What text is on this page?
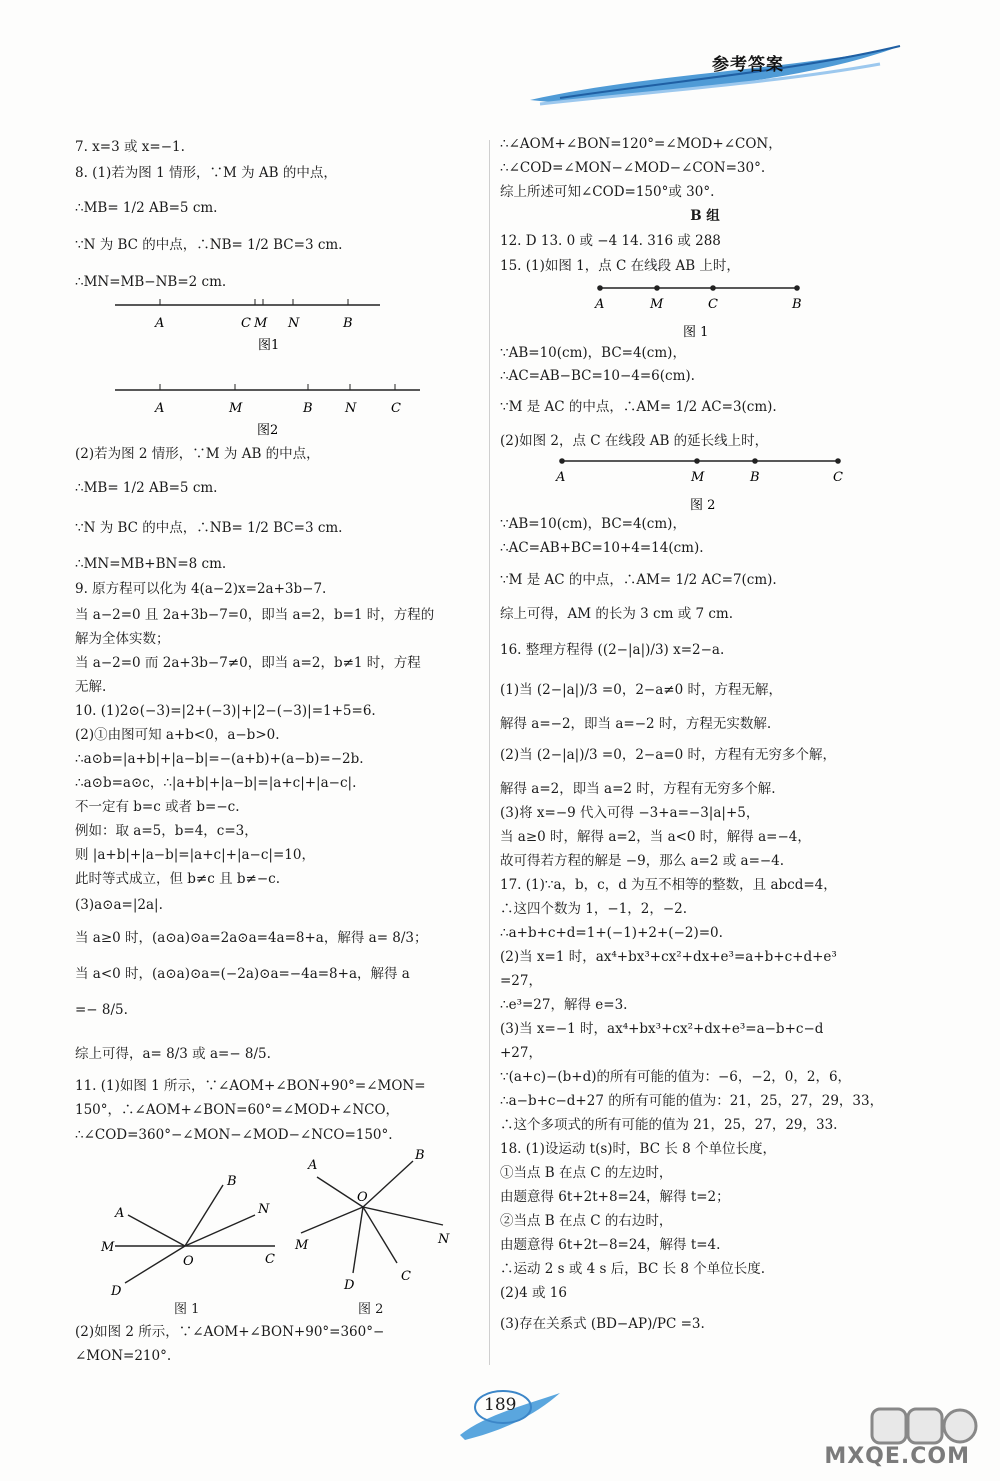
参考答案
7. x=3 或 x=−1.
8. (1)若为图 1 情形，∵M 为 AB 的中点，
∴MB= 1/2 AB=5 cm.
∵N 为 BC 的中点，∴NB= 1/2 BC=3 cm.
∴MN=MB−NB=2 cm.
A	C M N	B
图1
A	M	B N	C
图2
(2)若为图 2 情形，∵M 为 AB 的中点，
∴MB= 1/2 AB=5 cm.
∵N 为 BC 的中点，∴NB= 1/2 BC=3 cm.
∴MN=MB+BN=8 cm.
9. 原方程可以化为 4(a−2)x=2a+3b−7.
当 a−2=0 且 2a+3b−7=0，即当 a=2，b=1 时，方程的
解为全体实数；
当 a−2=0 而 2a+3b−7≠0，即当 a=2，b≠1 时，方程
无解.
10. (1)2⊙(−3)=|2+(−3)|+|2−(−3)|=1+5=6.
(2)①由图可知 a+b<0，a−b>0.
∴a⊙b=|a+b|+|a−b|=−(a+b)+(a−b)=−2b.
∴a⊙b=a⊙c，∴|a+b|+|a−b|=|a+c|+|a−c|.
不一定有 b=c 或者 b=−c.
例如：取 a=5，b=4，c=3，
则 |a+b|+|a−b|=|a+c|+|a−c|=10，
此时等式成立，但 b≠c 且 b≠−c.
(3)a⊙a=|2a|.
当 a≥0 时，(a⊙a)⊙a=2a⊙a=4a=8+a，解得 a= 8/3；
当 a<0 时，(a⊙a)⊙a=(−2a)⊙a=−4a=8+a，解得 a
=− 8/5.
综上可得，a= 8/3 或 a=− 8/5.
11. (1)如图 1 所示，∵∠AOM+∠BON+90°=∠MON=
150°，∴∠AOM+∠BON=60°=∠MOD+∠NCO，
∴∠COD=360°−∠MON−∠MOD−∠NCO=150°.
A
B
N
M
O	C
D
图 1
A
B
O
M	N
D
C
图 2
(2)如图 2 所示，∵∠AOM+∠BON+90°=360°−
∠MON=210°.
∴∠AOM+∠BON=120°=∠MOD+∠CON，
∴∠COD=∠MON−∠MOD−∠CON=30°.
综上所述可知∠COD=150°或 30°.
B 组
12. D 13. 0 或 −4 14. 316 或 288
15. (1)如图 1，点 C 在线段 AB 上时，
A	M	C	B
图 1
∵AB=10(cm)，BC=4(cm)，
∴AC=AB−BC=10−4=6(cm).
∵M 是 AC 的中点，∴AM= 1/2 AC=3(cm).
(2)如图 2，点 C 在线段 AB 的延长线上时，
A	M	B	C
图 2
∵AB=10(cm)，BC=4(cm)，
∴AC=AB+BC=10+4=14(cm).
∵M 是 AC 的中点，∴AM= 1/2 AC=7(cm).
综上可得，AM 的长为 3 cm 或 7 cm.
16. 整理方程得 ((2−|a|)/3) x=2−a.
(1)当 (2−|a|)/3 =0，2−a≠0 时，方程无解，
解得 a=−2，即当 a=−2 时，方程无实数解.
(2)当 (2−|a|)/3 =0，2−a=0 时，方程有无穷多个解，
解得 a=2，即当 a=2 时，方程有无穷多个解.
(3)将 x=−9 代入可得 −3+a=−3|a|+5，
当 a≥0 时，解得 a=2，当 a<0 时，解得 a=−4，
故可得若方程的解是 −9，那么 a=2 或 a=−4.
17. (1)∵a，b，c，d 为互不相等的整数，且 abcd=4，
∴这四个数为 1，−1，2，−2.
∴a+b+c+d=1+(−1)+2+(−2)=0.
(2)当 x=1 时，ax⁴+bx³+cx²+dx+e³=a+b+c+d+e³
=27，
∴e³=27，解得 e=3.
(3)当 x=−1 时，ax⁴+bx³+cx²+dx+e³=a−b+c−d
+27，
∵(a+c)−(b+d)的所有可能的值为：−6，−2，0，2，6，
∴a−b+c−d+27 的所有可能的值为：21，25，27，29，33，
∴这个多项式的所有可能的值为 21，25，27，29，33.
18. (1)设运动 t(s)时，BC 长 8 个单位长度，
①当点 B 在点 C 的左边时，
由题意得 6t+2t+8=24，解得 t=2；
②当点 B 在点 C 的右边时，
由题意得 6t+2t−8=24，解得 t=4.
∴运动 2 s 或 4 s 后，BC 长 8 个单位长度.
(2)4 或 16
(3)存在关系式 (BD−AP)/PC =3.
189
MXQE.COM
